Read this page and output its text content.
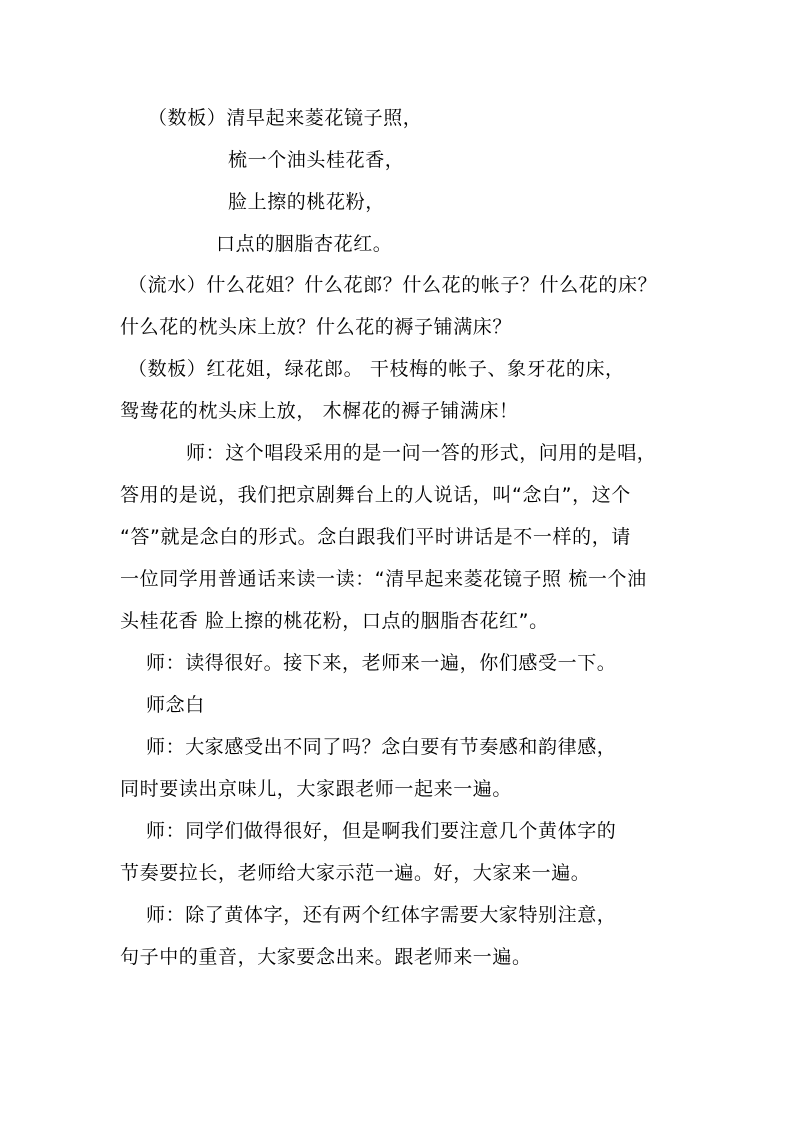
（数板）清早起来菱花镜子照，
梳一个油头桂花香，
脸上擦的桃花粉，
口点的胭脂杏花红。
（流水）什么花姐？什么花郎？什么花的帐子？什么花的床？
什么花的枕头床上放？什么花的褥子铺满床？
（数板）红花姐，绿花郎。 干枝梅的帐子、象牙花的床，
鸳鸯花的枕头床上放， 木樨花的褥子铺满床！
师：这个唱段采用的是一问一答的形式，问用的是唱，
答用的是说，我们把京剧舞台上的人说话，叫“念白”，这个
“答”就是念白的形式。念白跟我们平时讲话是不一样的，请
一位同学用普通话来读一读：“清早起来菱花镜子照 梳一个油
头桂花香 脸上擦的桃花粉，口点的胭脂杏花红”。
师：读得很好。接下来，老师来一遍，你们感受一下。
师念白
师：大家感受出不同了吗？念白要有节奏感和韵律感，
同时要读出京味儿，大家跟老师一起来一遍。
师：同学们做得很好，但是啊我们要注意几个黄体字的
节奏要拉长，老师给大家示范一遍。好，大家来一遍。
师：除了黄体字，还有两个红体字需要大家特别注意，
句子中的重音，大家要念出来。跟老师来一遍。
